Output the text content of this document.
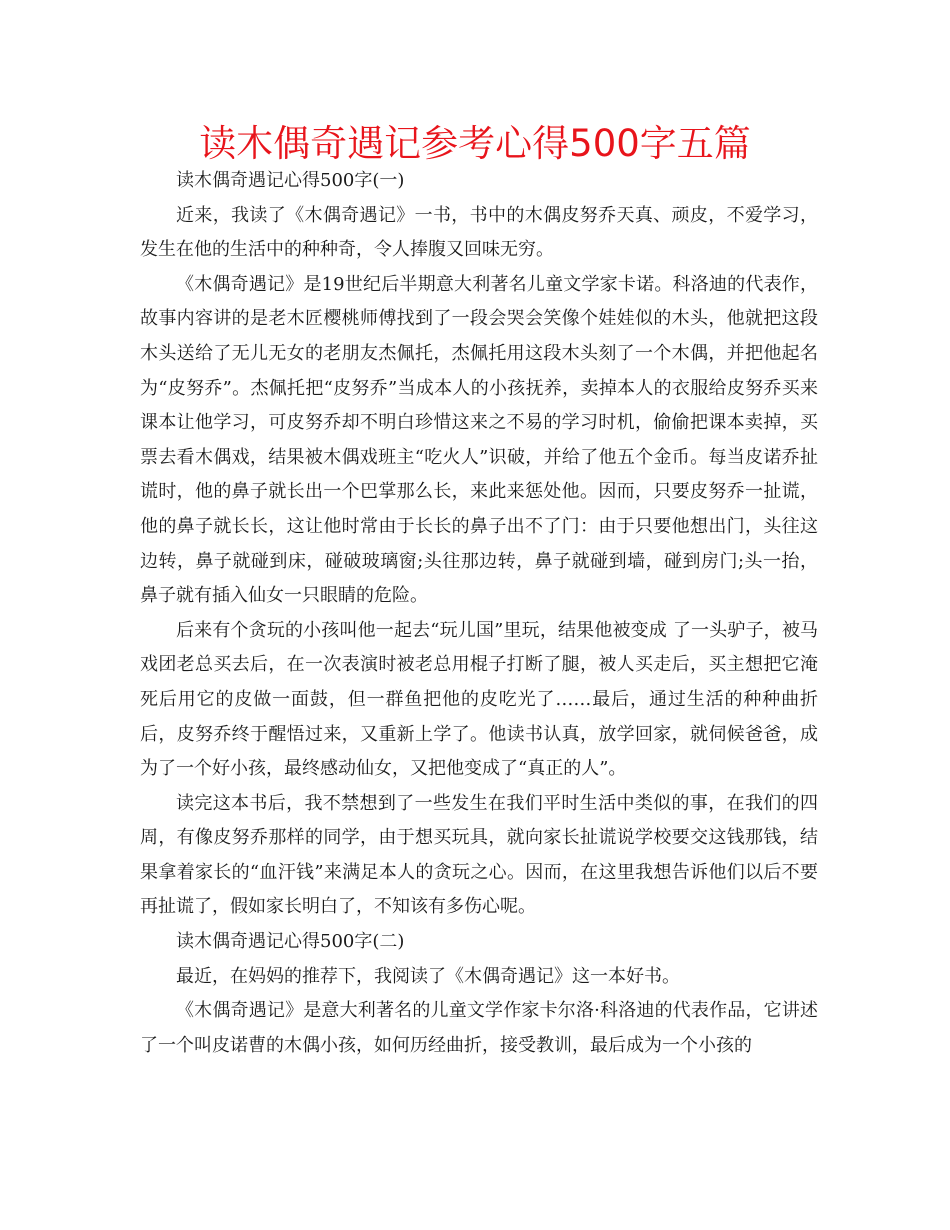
读木偶奇遇记参考心得500字五篇

读木偶奇遇记心得500字(一)

近来，我读了《木偶奇遇记》一书，书中的木偶皮努乔天真、顽皮，不爱学习，发生在他的生活中的种种奇，令人捧腹又回味无穷。

《木偶奇遇记》是19世纪后半期意大利著名儿童文学家卡诺。科洛迪的代表作，故事内容讲的是老木匠樱桃师傅找到了一段会哭会笑像个娃娃似的木头，他就把这段木头送给了无儿无女的老朋友杰佩托，杰佩托用这段木头刻了一个木偶，并把他起名为“皮努乔”。杰佩托把“皮努乔”当成本人的小孩抚养，卖掉本人的衣服给皮努乔买来课本让他学习，可皮努乔却不明白珍惜这来之不易的学习时机，偷偷把课本卖掉，买票去看木偶戏，结果被木偶戏班主“吃火人”识破，并给了他五个金币。每当皮诺乔扯谎时，他的鼻子就长出一个巴掌那么长，来此来惩处他。因而，只要皮努乔一扯谎，他的鼻子就长长，这让他时常由于长长的鼻子出不了门：由于只要他想出门，头往这边转，鼻子就碰到床，碰破玻璃窗;头往那边转，鼻子就碰到墙，碰到房门;头一抬，鼻子就有插入仙女一只眼睛的危险。

后来有个贪玩的小孩叫他一起去“玩儿国”里玩，结果他被变成 了一头驴子，被马戏团老总买去后，在一次表演时被老总用棍子打断了腿，被人买走后，买主想把它淹死后用它的皮做一面鼓，但一群鱼把他的皮吃光了……最后，通过生活的种种曲折后，皮努乔终于醒悟过来，又重新上学了。他读书认真，放学回家，就伺候爸爸，成为了一个好小孩，最终感动仙女，又把他变成了“真正的人”。

读完这本书后，我不禁想到了一些发生在我们平时生活中类似的事，在我们的四周，有像皮努乔那样的同学，由于想买玩具，就向家长扯谎说学校要交这钱那钱，结果拿着家长的“血汗钱”来满足本人的贪玩之心。因而，在这里我想告诉他们以后不要再扯谎了，假如家长明白了，不知该有多伤心呢。

读木偶奇遇记心得500字(二)

最近，在妈妈的推荐下，我阅读了《木偶奇遇记》这一本好书。

《木偶奇遇记》是意大利著名的儿童文学作家卡尔洛·科洛迪的代表作品，它讲述了一个叫皮诺曹的木偶小孩，如何历经曲折，接受教训，最后成为一个小孩的
